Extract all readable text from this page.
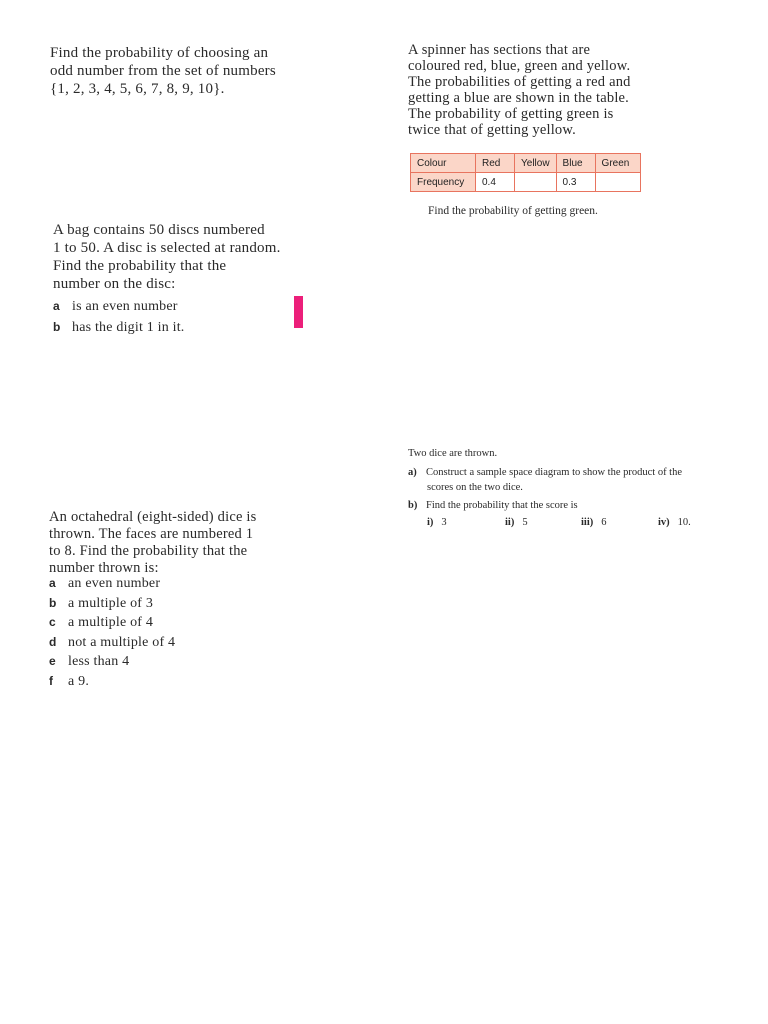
Find the probability of choosing an
odd number from the set of numbers
{1, 2, 3, 4, 5, 6, 7, 8, 9, 10}.
A bag contains 50 discs numbered
1 to 50. A disc is selected at random.
Find the probability that the
number on the disc:
a is an even number
b has the digit 1 in it.
An octahedral (eight-sided) dice is
thrown. The faces are numbered 1
to 8. Find the probability that the
number thrown is:
a an even number
b a multiple of 3
c a multiple of 4
d not a multiple of 4
e less than 4
f a 9.
A spinner has sections that are
coloured red, blue, green and yellow.
The probabilities of getting a red and
getting a blue are shown in the table.
The probability of getting green is
twice that of getting yellow.
Colour	Red	Yellow	Blue	Green
Frequency	0.4		0.3	
Find the probability of getting green.
Two dice are thrown.
a) Construct a sample space diagram to show the product of the
scores on the two dice.
b) Find the probability that the score is
i) 3	ii) 5	iii) 6	iv) 10.
